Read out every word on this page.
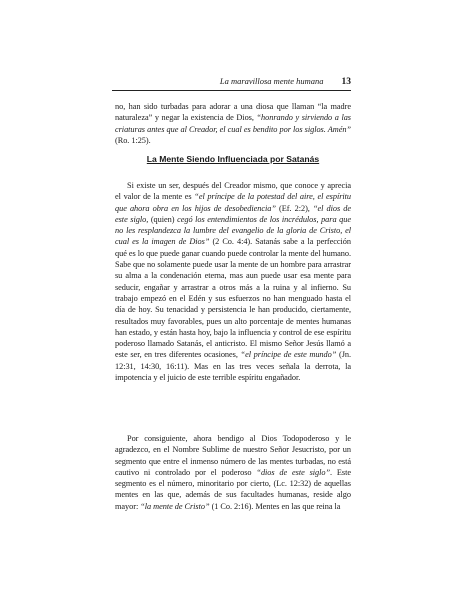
La maravillosa mente humana 13

no, han sido turbadas para adorar a una diosa que llaman “la madre naturaleza” y negar la existencia de Dios, “honrando y sirviendo a las criaturas antes que al Creador, el cual es bendito por los siglos. Amén” (Ro. 1:25).

La Mente Siendo Influenciada por Satanás

Si existe un ser, después del Creador mismo, que conoce y aprecia el valor de la mente es “el príncipe de la potestad del aire, el espíritu que ahora obra en los hijos de desobediencia” (Ef. 2:2), “el dios de este siglo, (quien) cegó los entendimientos de los incrédulos, para que no les resplandezca la lumbre del evangelio de la gloria de Cristo, el cual es la imagen de Dios” (2 Co. 4:4). Satanás sabe a la perfección qué es lo que puede ganar cuando puede controlar la mente del humano. Sabe que no solamente puede usar la mente de un hombre para arrastrar su alma a la condenación eterna, mas aun puede usar esa mente para seducir, engañar y arrastrar a otros más a la ruina y al infierno. Su trabajo empezó en el Edén y sus esfuerzos no han menguado hasta el día de hoy. Su tenacidad y persistencia le han producido, ciertamente, resultados muy favorables, pues un alto porcentaje de mentes humanas han estado, y están hasta hoy, bajo la influencia y control de ese espíritu poderoso llamado Satanás, el anticristo. El mismo Señor Jesús llamó a este ser, en tres diferentes ocasiones, “el príncipe de este mundo” (Jn. 12:31, 14:30, 16:11). Mas en las tres veces señala la derrota, la impotencia y el juicio de este terrible espíritu engañador.

Por consiguiente, ahora bendigo al Dios Todopoderoso y le agradezco, en el Nombre Sublime de nuestro Señor Jesucristo, por un segmento que entre el inmenso número de las mentes turbadas, no está cautivo ni controlado por el poderoso “dios de este siglo”. Este segmento es el número, minoritario por cierto, (Lc. 12:32) de aquellas mentes en las que, además de sus facultades humanas, reside algo mayor: “la mente de Cristo” (1 Co. 2:16). Mentes en las que reina la
